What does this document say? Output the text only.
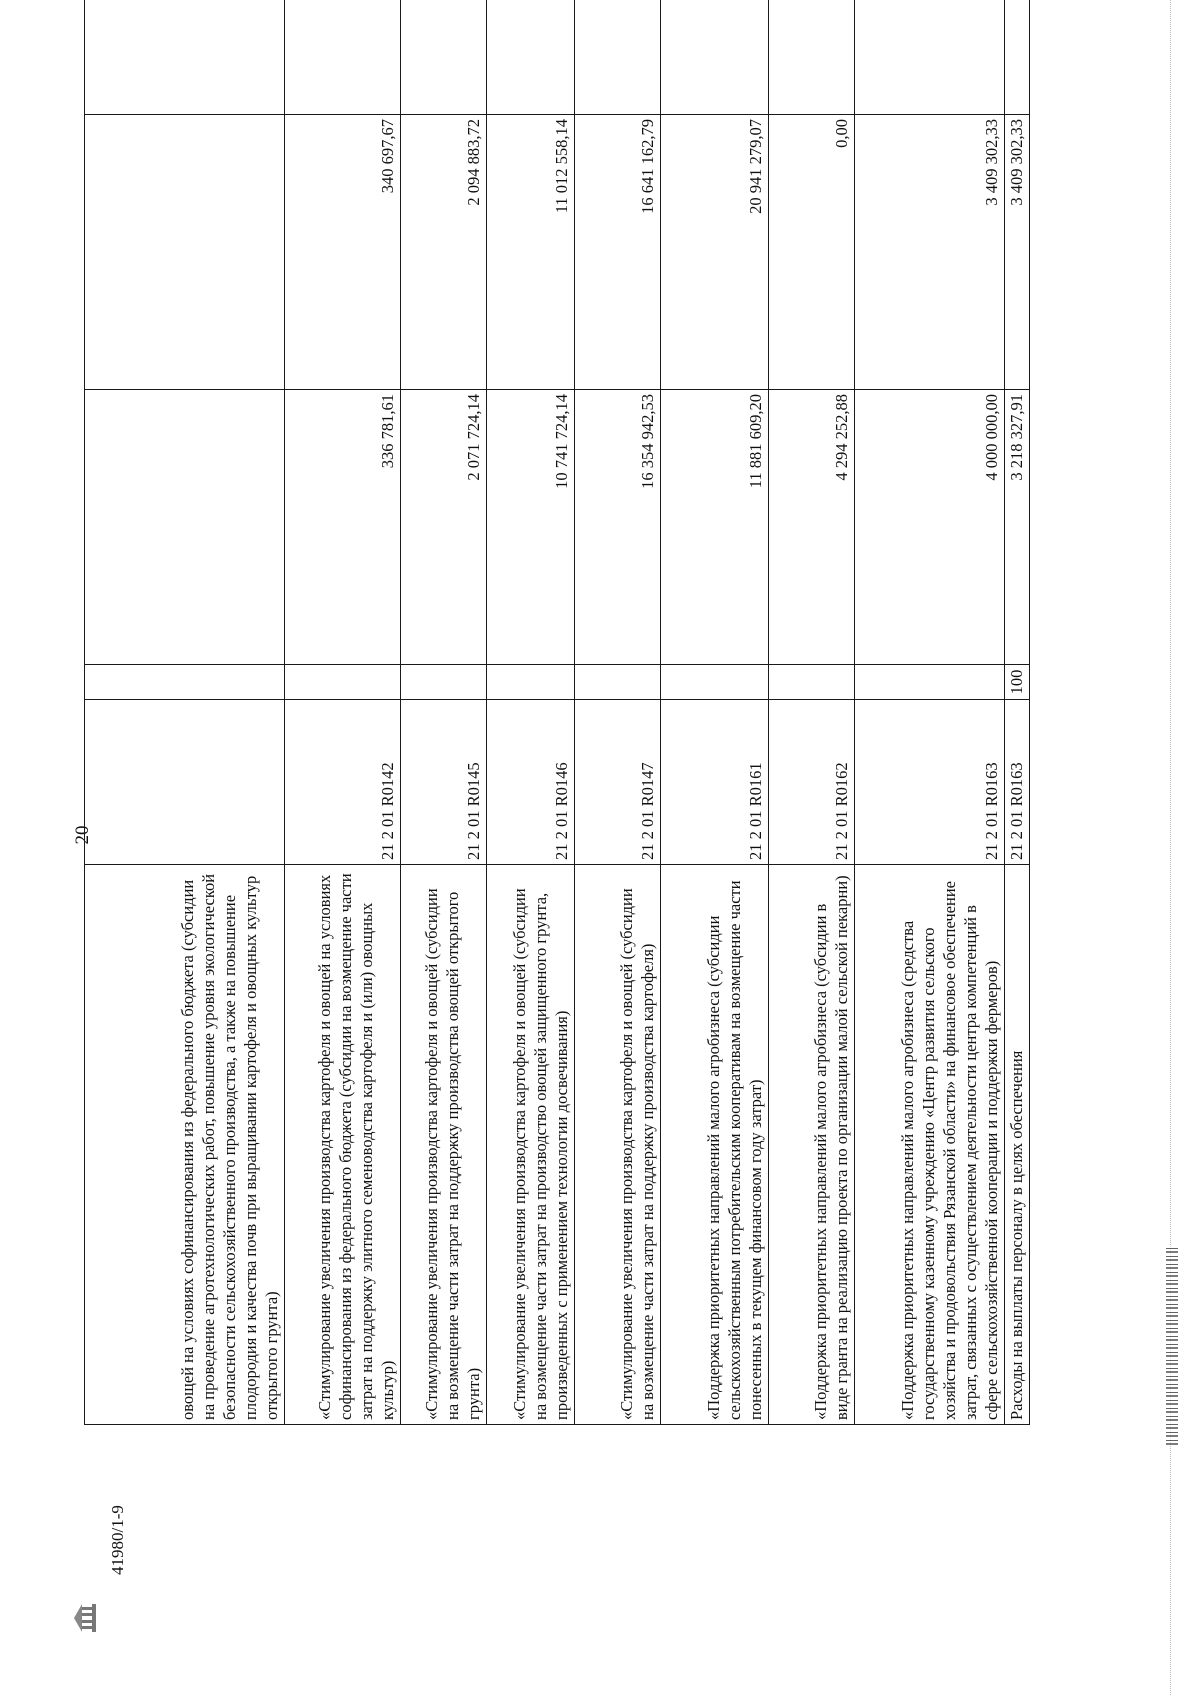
20
овощей на условиях софинансирования из федерального бюджета (субсидии на проведение агротехнологических работ, повышение уровня экологической безопасности сельскохозяйственного производства, а также на повышение плодородия и качества почв при выращивании картофеля и овощных культур открытого грунта)					
«Стимулирование увеличения производства картофеля и овощей на условиях софинансирования из федерального бюджета (субсидии на возмещение части затрат на поддержку элитного семеноводства картофеля и (или) овощных культур)	21 2 01 R0142		336 781,61	340 697,67	
«Стимулирование увеличения производства картофеля и овощей (субсидии на возмещение части затрат на поддержку производства овощей открытого грунта)	21 2 01 R0145		2 071 724,14	2 094 883,72	
«Стимулирование увеличения производства картофеля и овощей (субсидии на возмещение части затрат на производство овощей защищенного грунта, произведенных с применением технологии досвечивания)	21 2 01 R0146		10 741 724,14	11 012 558,14	
«Стимулирование увеличения производства картофеля и овощей (субсидии на возмещение части затрат на поддержку производства картофеля)	21 2 01 R0147		16 354 942,53	16 641 162,79	
«Поддержка приоритетных направлений малого агробизнеса (субсидии сельскохозяйственным потребительским кооперативам на возмещение части понесенных в текущем финансовом году затрат)	21 2 01 R0161		11 881 609,20	20 941 279,07	
«Поддержка приоритетных направлений малого агробизнеса (субсидии в виде гранта на реализацию проекта по организации малой сельской пекарни)	21 2 01 R0162		4 294 252,88	0,00	
«Поддержка приоритетных направлений малого агробизнеса (средства государственному казенному учреждению «Центр развития сельского хозяйства и продовольствия Рязанской области» на финансовое обеспечение затрат, связанных с осуществлением деятельности центра компетенций в сфере сельскохозяйственной кооперации и поддержки фермеров)	21 2 01 R0163		4 000 000,00	3 409 302,33	
Расходы на выплаты персоналу в целях обеспечения	21 2 01 R0163	100	3 218 327,91	3 409 302,33	
41980/1-9
